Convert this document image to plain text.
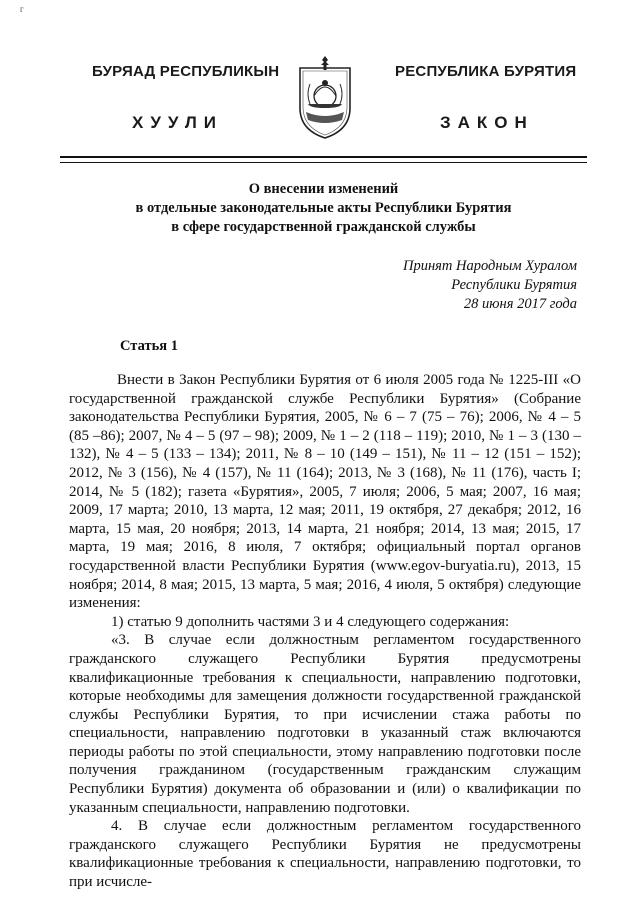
г
БУРЯАД РЕСПУБЛИКЫН	РЕСПУБЛИКА БУРЯТИЯ
ХУУЛИ	ЗАКОН
О внесении изменений
в отдельные законодательные акты Республики Бурятия
в сфере государственной гражданской службы
Принят Народным Хуралом
Республики Бурятия
28 июня 2017 года
Статья 1

Внести в Закон Республики Бурятия от 6 июля 2005 года № 1225-III «О государственной гражданской службе Республики Бурятия» (Собрание законодательства Республики Бурятия, 2005, № 6 – 7 (75 – 76); 2006, № 4 – 5 (85 –86); 2007, № 4 – 5 (97 – 98); 2009, № 1 – 2 (118 – 119); 2010, № 1 – 3 (130 – 132), № 4 – 5 (133 – 134); 2011, № 8 – 10 (149 – 151), № 11 – 12 (151 – 152); 2012, № 3 (156), № 4 (157), № 11 (164); 2013, № 3 (168), № 11 (176), часть I; 2014, № 5 (182); газета «Бурятия», 2005, 7 июля; 2006, 5 мая; 2007, 16 мая; 2009, 17 марта; 2010, 13 марта, 12 мая; 2011, 19 октября, 27 декабря; 2012, 16 марта, 15 мая, 20 ноября; 2013, 14 марта, 21 ноября; 2014, 13 мая; 2015, 17 марта, 19 мая; 2016, 8 июля, 7 октября; официальный портал органов государственной власти Республики Бурятия (www.egov-buryatia.ru), 2013, 15 ноября; 2014, 8 мая; 2015, 13 марта, 5 мая; 2016, 4 июля, 5 октября) следующие изменения:

1) статью 9 дополнить частями 3 и 4 следующего содержания:

«3. В случае если должностным регламентом государственного гражданского служащего Республики Бурятия предусмотрены квалификационные требования к специальности, направлению подготовки, которые необходимы для замещения должности государственной гражданской службы Республики Бурятия, то при исчислении стажа работы по специальности, направлению подготовки в указанный стаж включаются периоды работы по этой специальности, этому направлению подготовки после получения гражданином (государственным гражданским служащим Республики Бурятия) документа об образовании и (или) о квалификации по указанным специальности, направлению подготовки.

4. В случае если должностным регламентом государственного гражданского служащего Республики Бурятия не предусмотрены квалификационные требования к специальности, направлению подготовки, то при исчисле-
